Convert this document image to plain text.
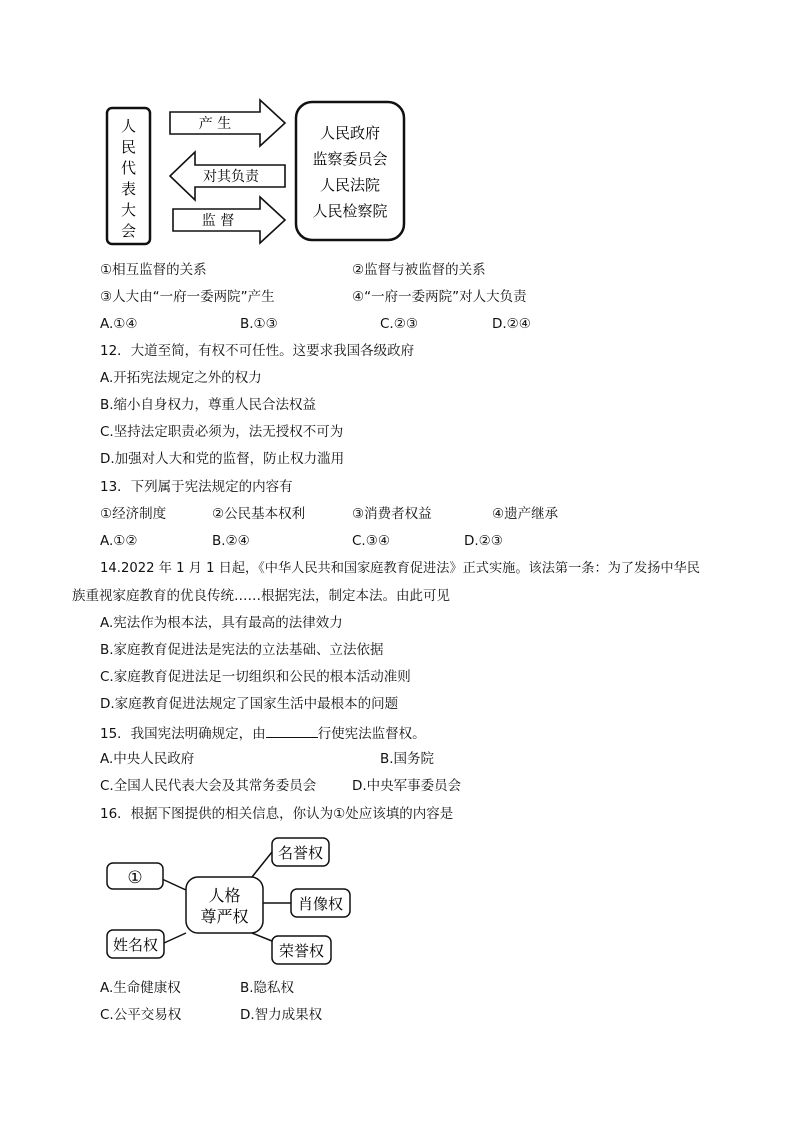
人
民
代
表
大
会
产 生
对其负责
监 督
人民政府
监察委员会
人民法院
人民检察院
①相互监督的关系	②监督与被监督的关系
③人大由“一府一委两院”产生	④“一府一委两院”对人大负责
A.①④	B.①③	C.②③	D.②④
12．大道至简，有权不可任性。这要求我国各级政府
A.开拓宪法规定之外的权力
B.缩小自身权力，尊重人民合法权益
C.坚持法定职责必须为，法无授权不可为
D.加强对人大和党的监督，防止权力滥用
13．下列属于宪法规定的内容有
①经济制度	②公民基本权利	③消费者权益	④遗产继承
A.①②	B.②④	C.③④	D.②③
14.2022 年 1 月 1 日起，《中华人民共和国家庭教育促进法》正式实施。该法第一条：为了发扬中华民
族重视家庭教育的优良传统……根据宪法，制定本法。由此可见
A.宪法作为根本法，具有最高的法律效力
B.家庭教育促进法是宪法的立法基础、立法依据
C.家庭教育促进法足一切组织和公民的根本活动准则
D.家庭教育促进法规定了国家生活中最根本的问题
15．我国宪法明确规定，由	行使宪法监督权。
A.中央人民政府	B.国务院
C.全国人民代表大会及其常务委员会	D.中央军事委员会
16．根据下图提供的相关信息，你认为①处应该填的内容是
人格
尊严权
①
姓名权
名誉权
肖像权
荣誉权
A.生命健康权	B.隐私权
C.公平交易权	D.智力成果权
